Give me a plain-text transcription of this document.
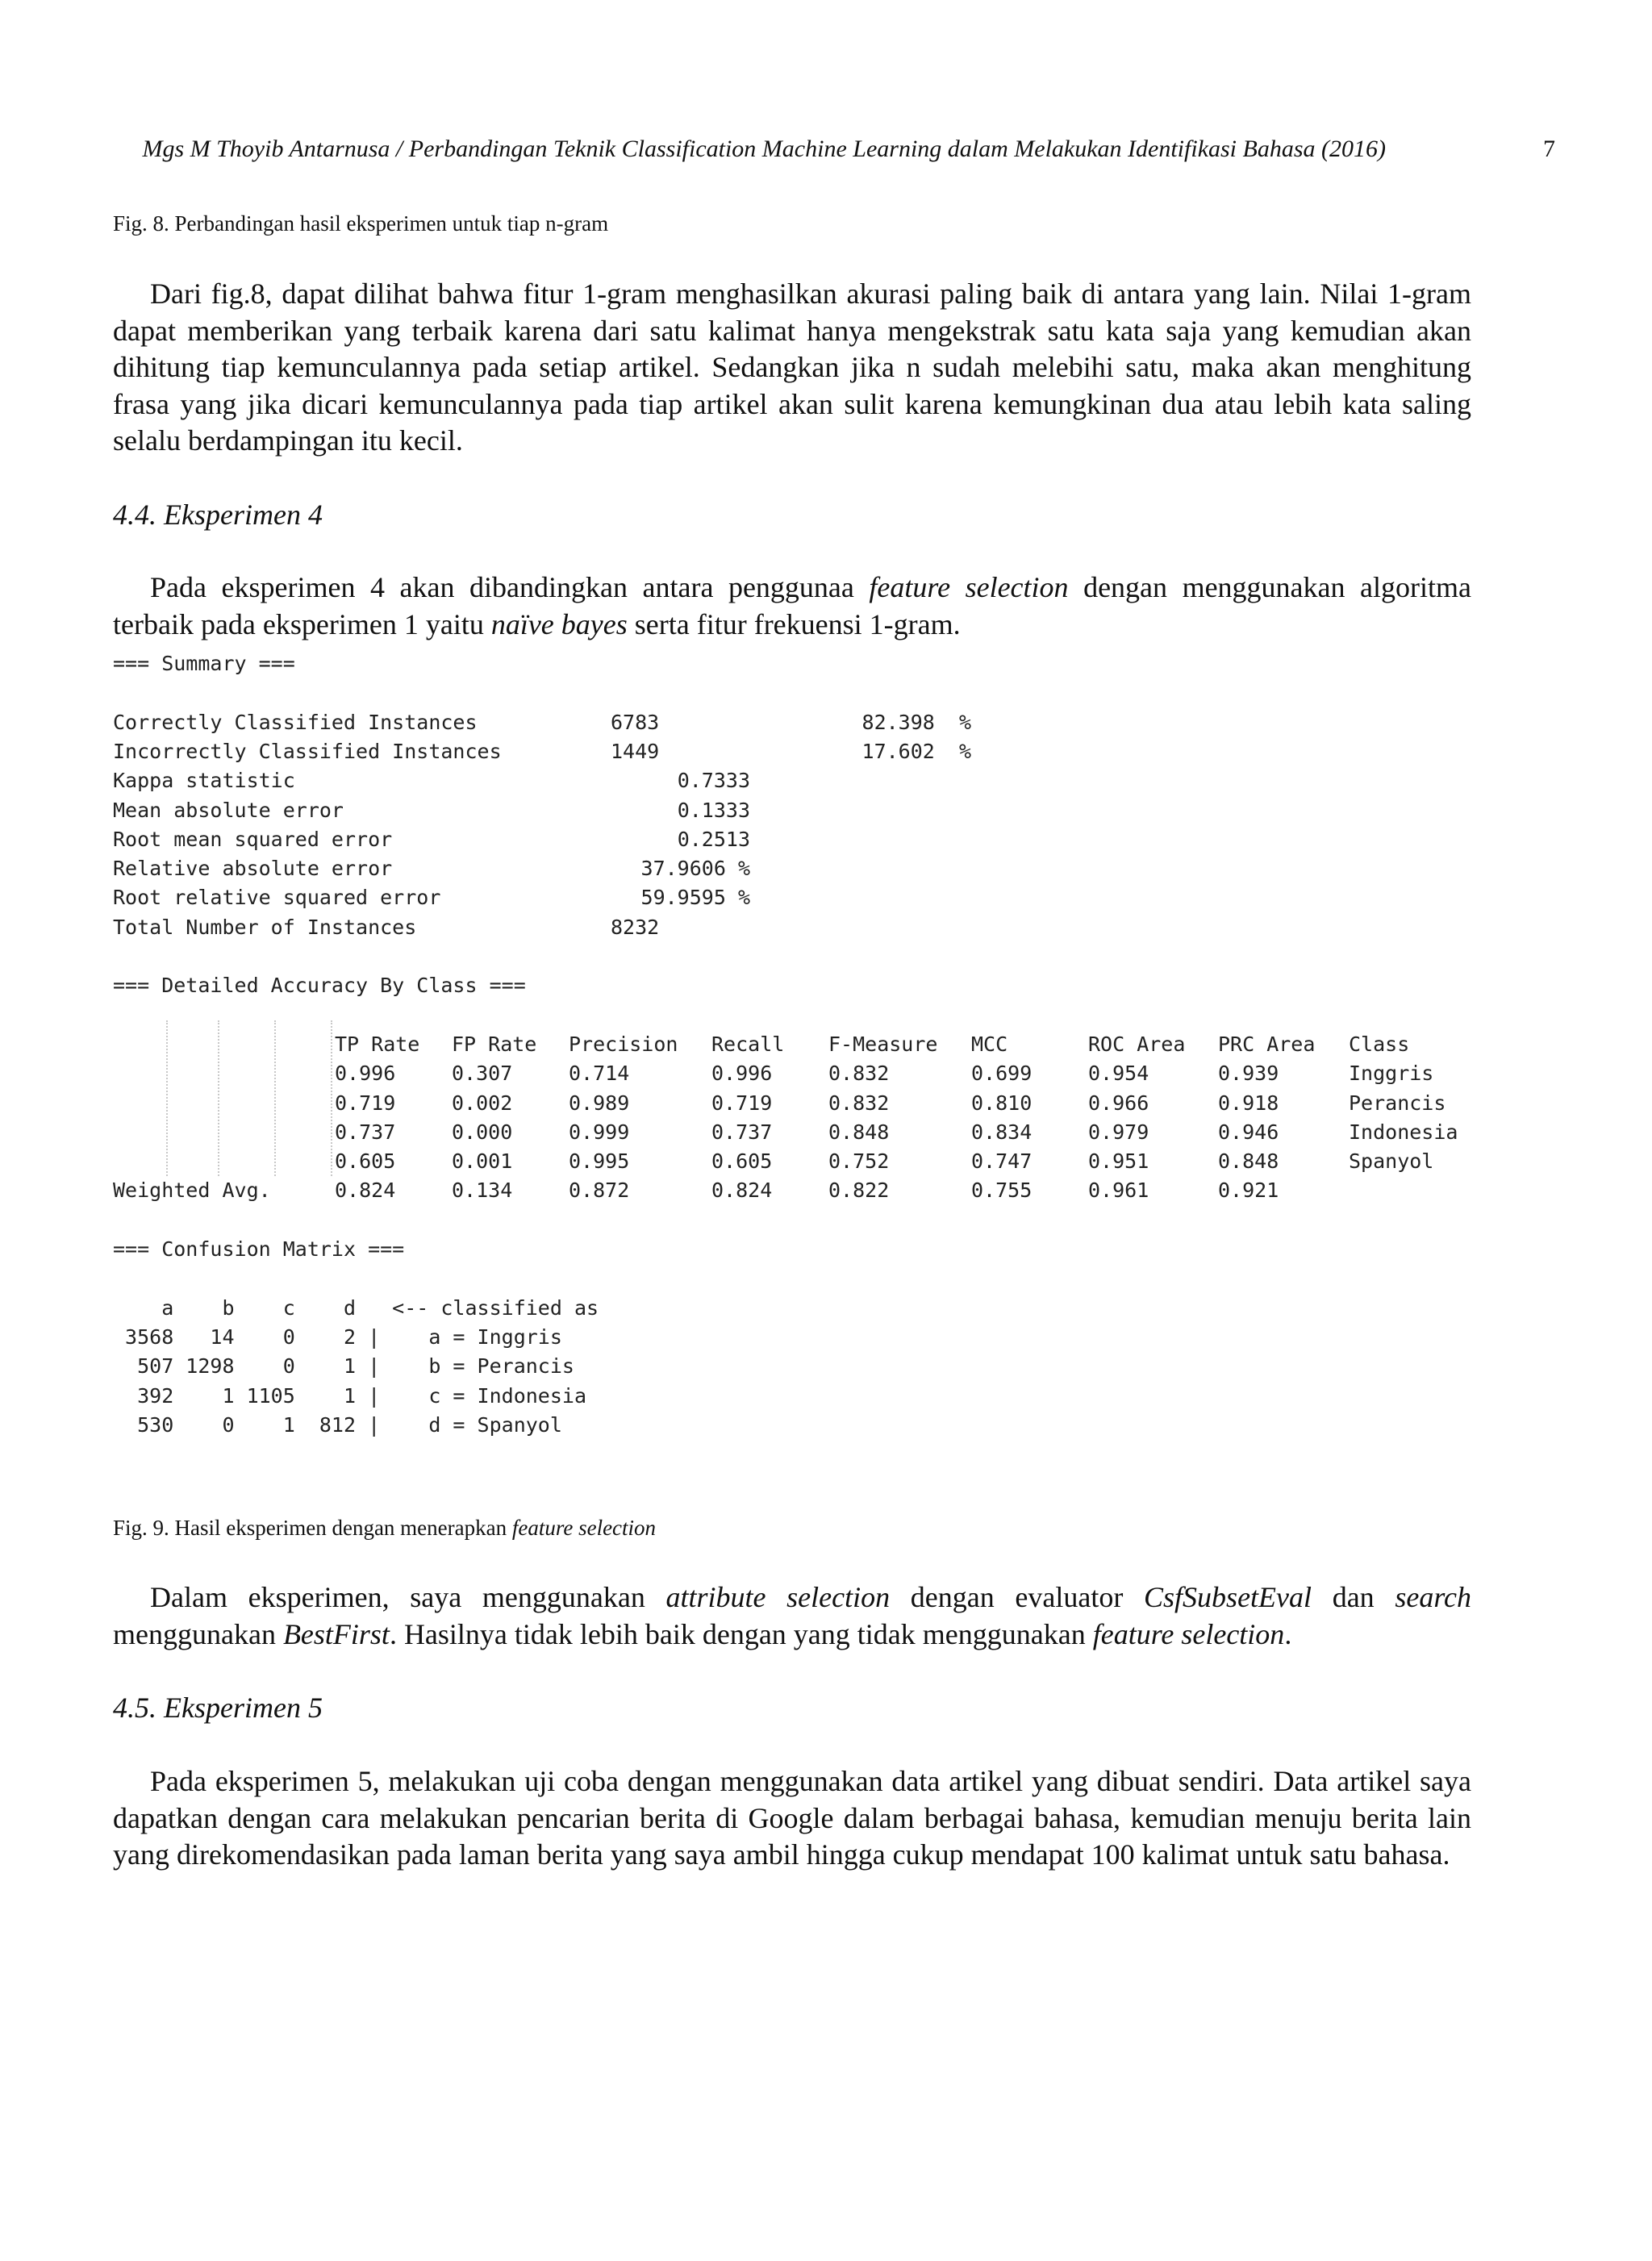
Mgs M Thoyib Antarnusa / Perbandingan Teknik Classification Machine Learning dalam Melakukan Identifikasi Bahasa (2016)	7
Fig. 8. Perbandingan hasil eksperimen untuk tiap n-gram

Dari fig.8, dapat dilihat bahwa fitur 1-gram menghasilkan akurasi paling baik di antara yang lain. Nilai 1-gram dapat memberikan yang terbaik karena dari satu kalimat hanya mengekstrak satu kata saja yang kemudian akan dihitung tiap kemunculannya pada setiap artikel. Sedangkan jika n sudah melebihi satu, maka akan menghitung frasa yang jika dicari kemunculannya pada tiap artikel akan sulit karena kemungkinan dua atau lebih kata saling selalu berdampingan itu kecil.

4.4. Eksperimen 4

Pada eksperimen 4 akan dibandingkan antara penggunaa feature selection dengan menggunakan algoritma terbaik pada eksperimen 1 yaitu naïve bayes serta fitur frekuensi 1-gram.

=== Summary ===
Correctly Classified Instances	6783	82.398  %
Incorrectly Classified Instances	1449	17.602  %
Kappa statistic	0.7333
Mean absolute error	0.1333
Root mean squared error	0.2513
Relative absolute error	37.9606 %
Root relative squared error	59.9595 %
Total Number of Instances	8232
=== Detailed Accuracy By Class ===
TP Rate FP Rate Precision Recall F-Measure MCC	ROC Area PRC Area Class
0.996	0.307	0.714	0.996	0.832	0.699	0.954	0.939	Inggris
0.719	0.002	0.989	0.719	0.832	0.810	0.966	0.918	Perancis
0.737	0.000	0.999	0.737	0.848	0.834	0.979	0.946	Indonesia
0.605	0.001	0.995	0.605	0.752	0.747	0.951	0.848	Spanyol
Weighted Avg.	0.824	0.134	0.872	0.824	0.822	0.755	0.961	0.921
=== Confusion Matrix ===
a    b    c    d   <-- classified as
3568   14    0    2 |    a = Inggris
507 1298    0    1 |    b = Perancis
392    1 1105    1 |    c = Indonesia
530    0    1  812 |    d = Spanyol
Fig. 9. Hasil eksperimen dengan menerapkan feature selection

Dalam eksperimen, saya menggunakan attribute selection dengan evaluator CsfSubsetEval dan search menggunakan BestFirst. Hasilnya tidak lebih baik dengan yang tidak menggunakan feature selection.

4.5. Eksperimen 5

Pada eksperimen 5, melakukan uji coba dengan menggunakan data artikel yang dibuat sendiri. Data artikel saya dapatkan dengan cara melakukan pencarian berita di Google dalam berbagai bahasa, kemudian menuju berita lain yang direkomendasikan pada laman berita yang saya ambil hingga cukup mendapat 100 kalimat untuk satu bahasa.
